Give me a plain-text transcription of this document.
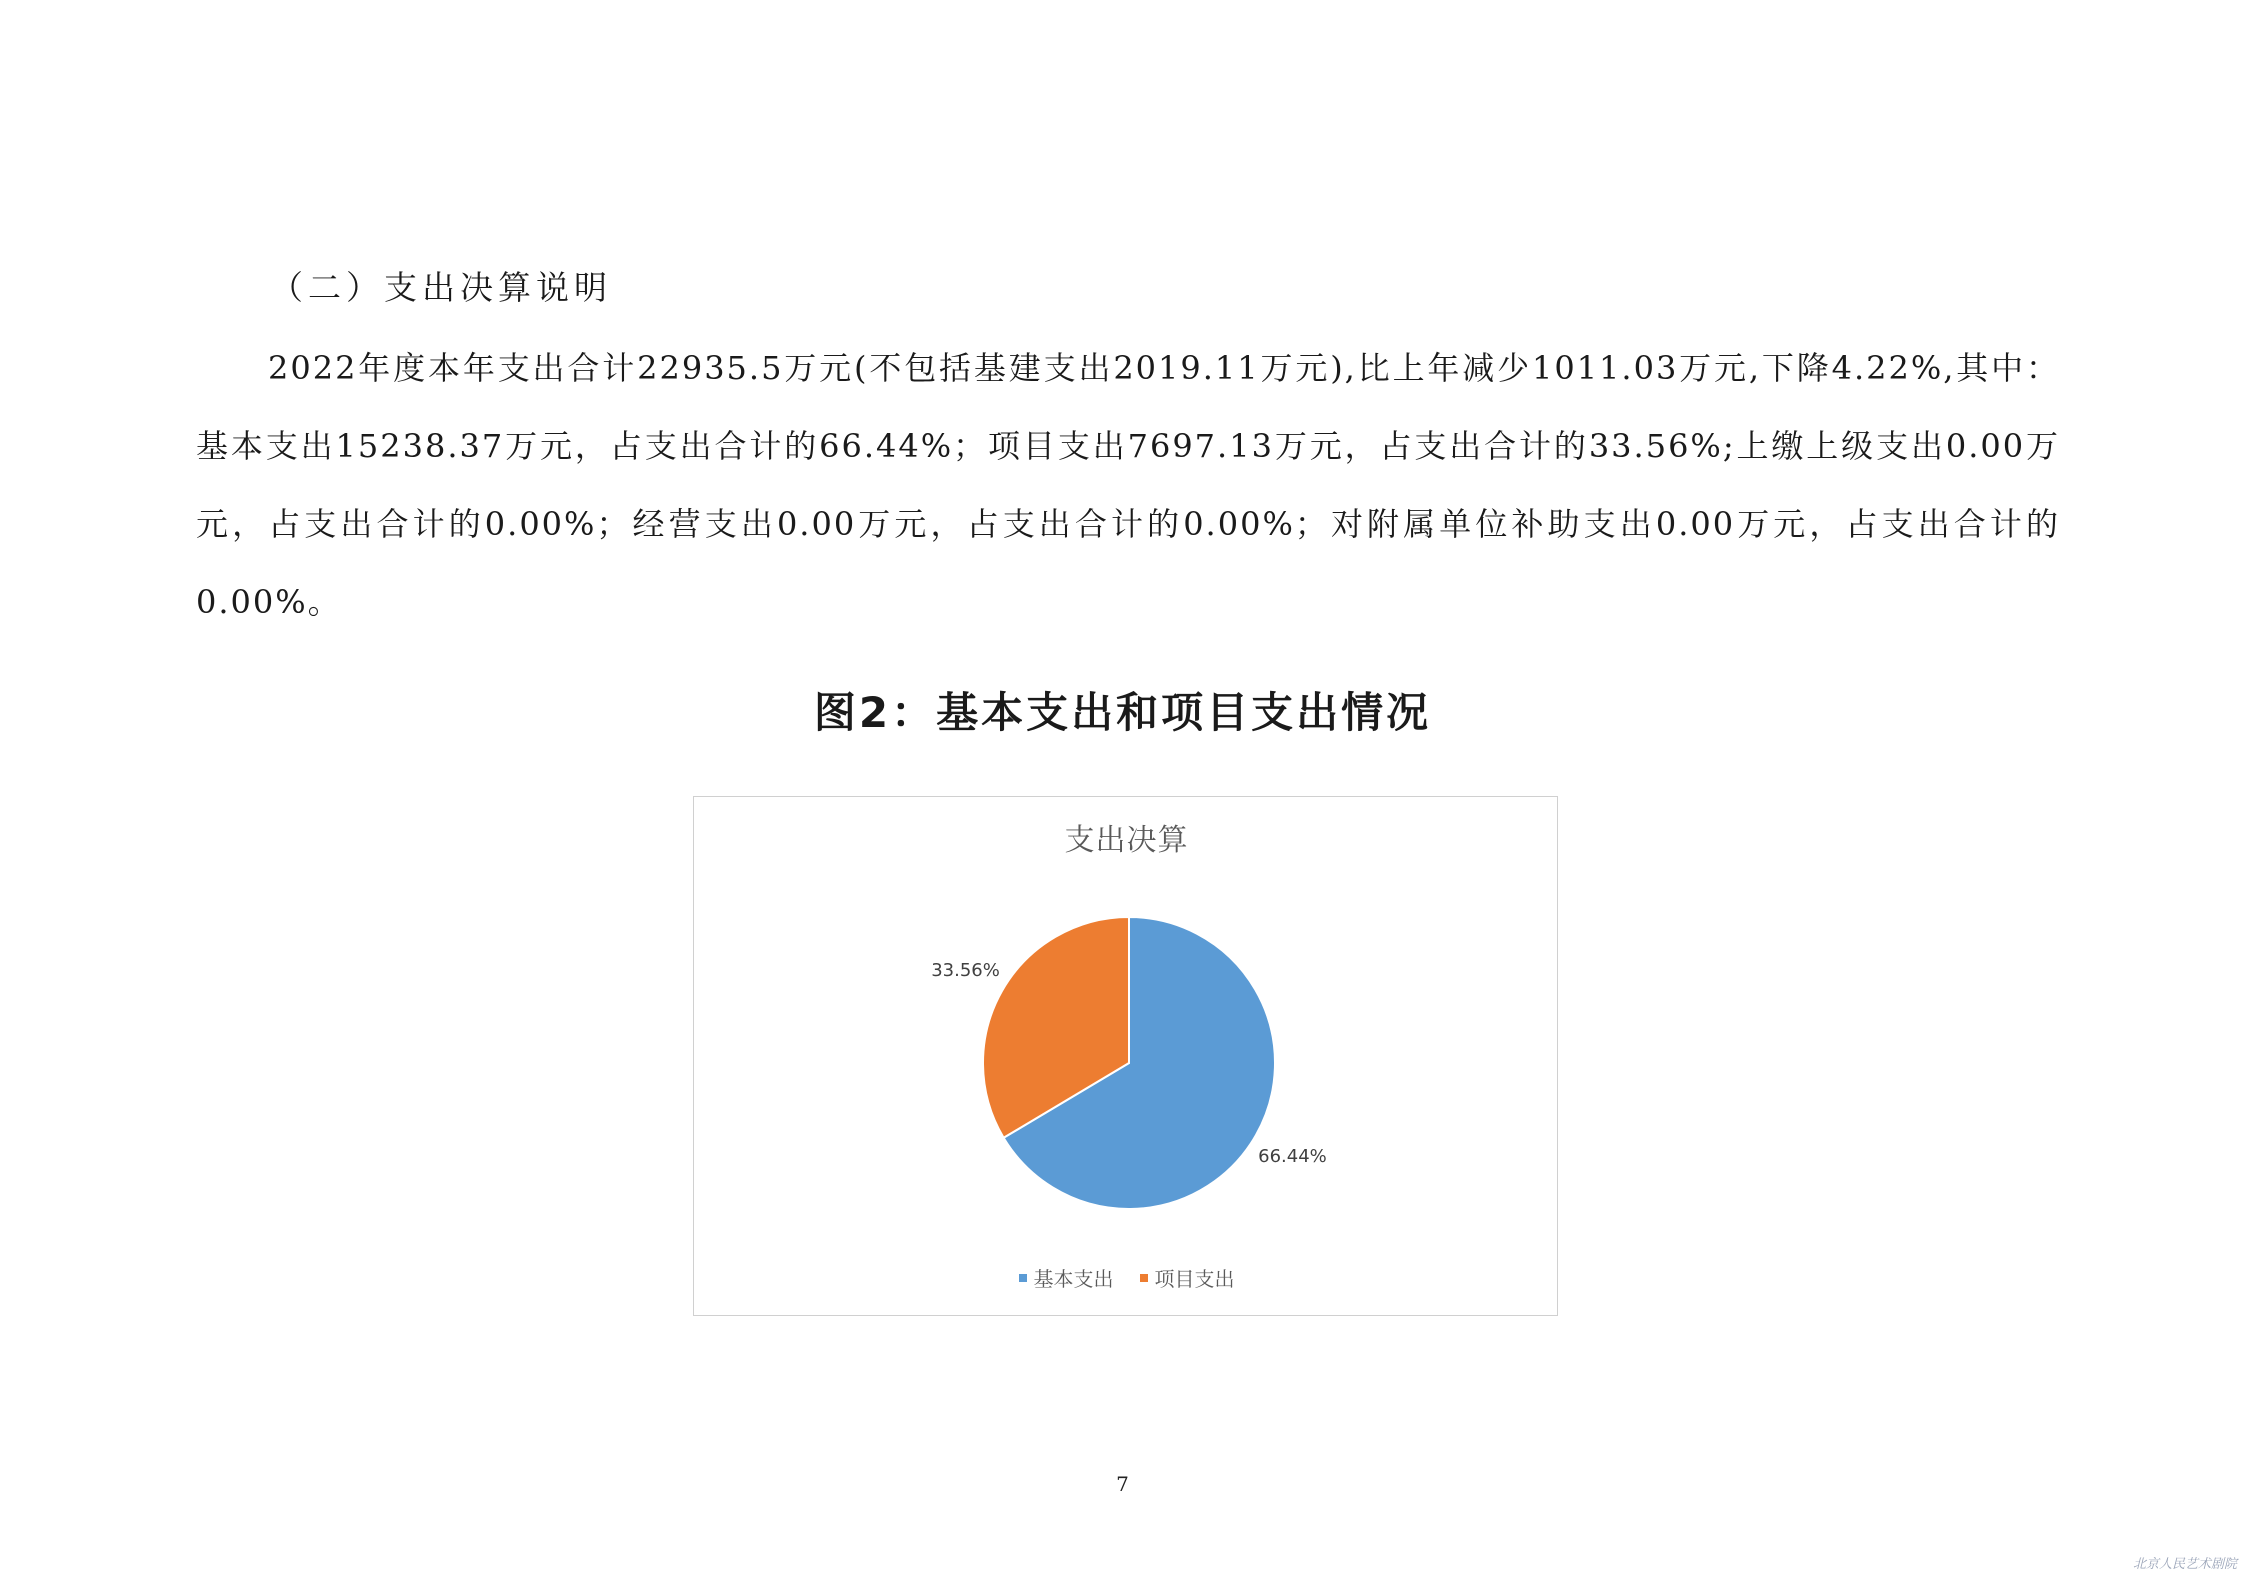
（二）支出决算说明
2022年度本年支出合计22935.5万元(不包括基建支出2019.11万元),比上年减少1011.03万元,下降4.22%,其中：基本支出15238.37万元，占支出合计的66.44%；项目支出7697.13万元，占支出合计的33.56%;上缴上级支出0.00万元，占支出合计的0.00%；经营支出0.00万元，占支出合计的0.00%；对附属单位补助支出0.00万元，占支出合计的0.00%。
图2：基本支出和项目支出情况
支出决算
66.44%
33.56%
基本支出 项目支出
7
北京人民艺术剧院
